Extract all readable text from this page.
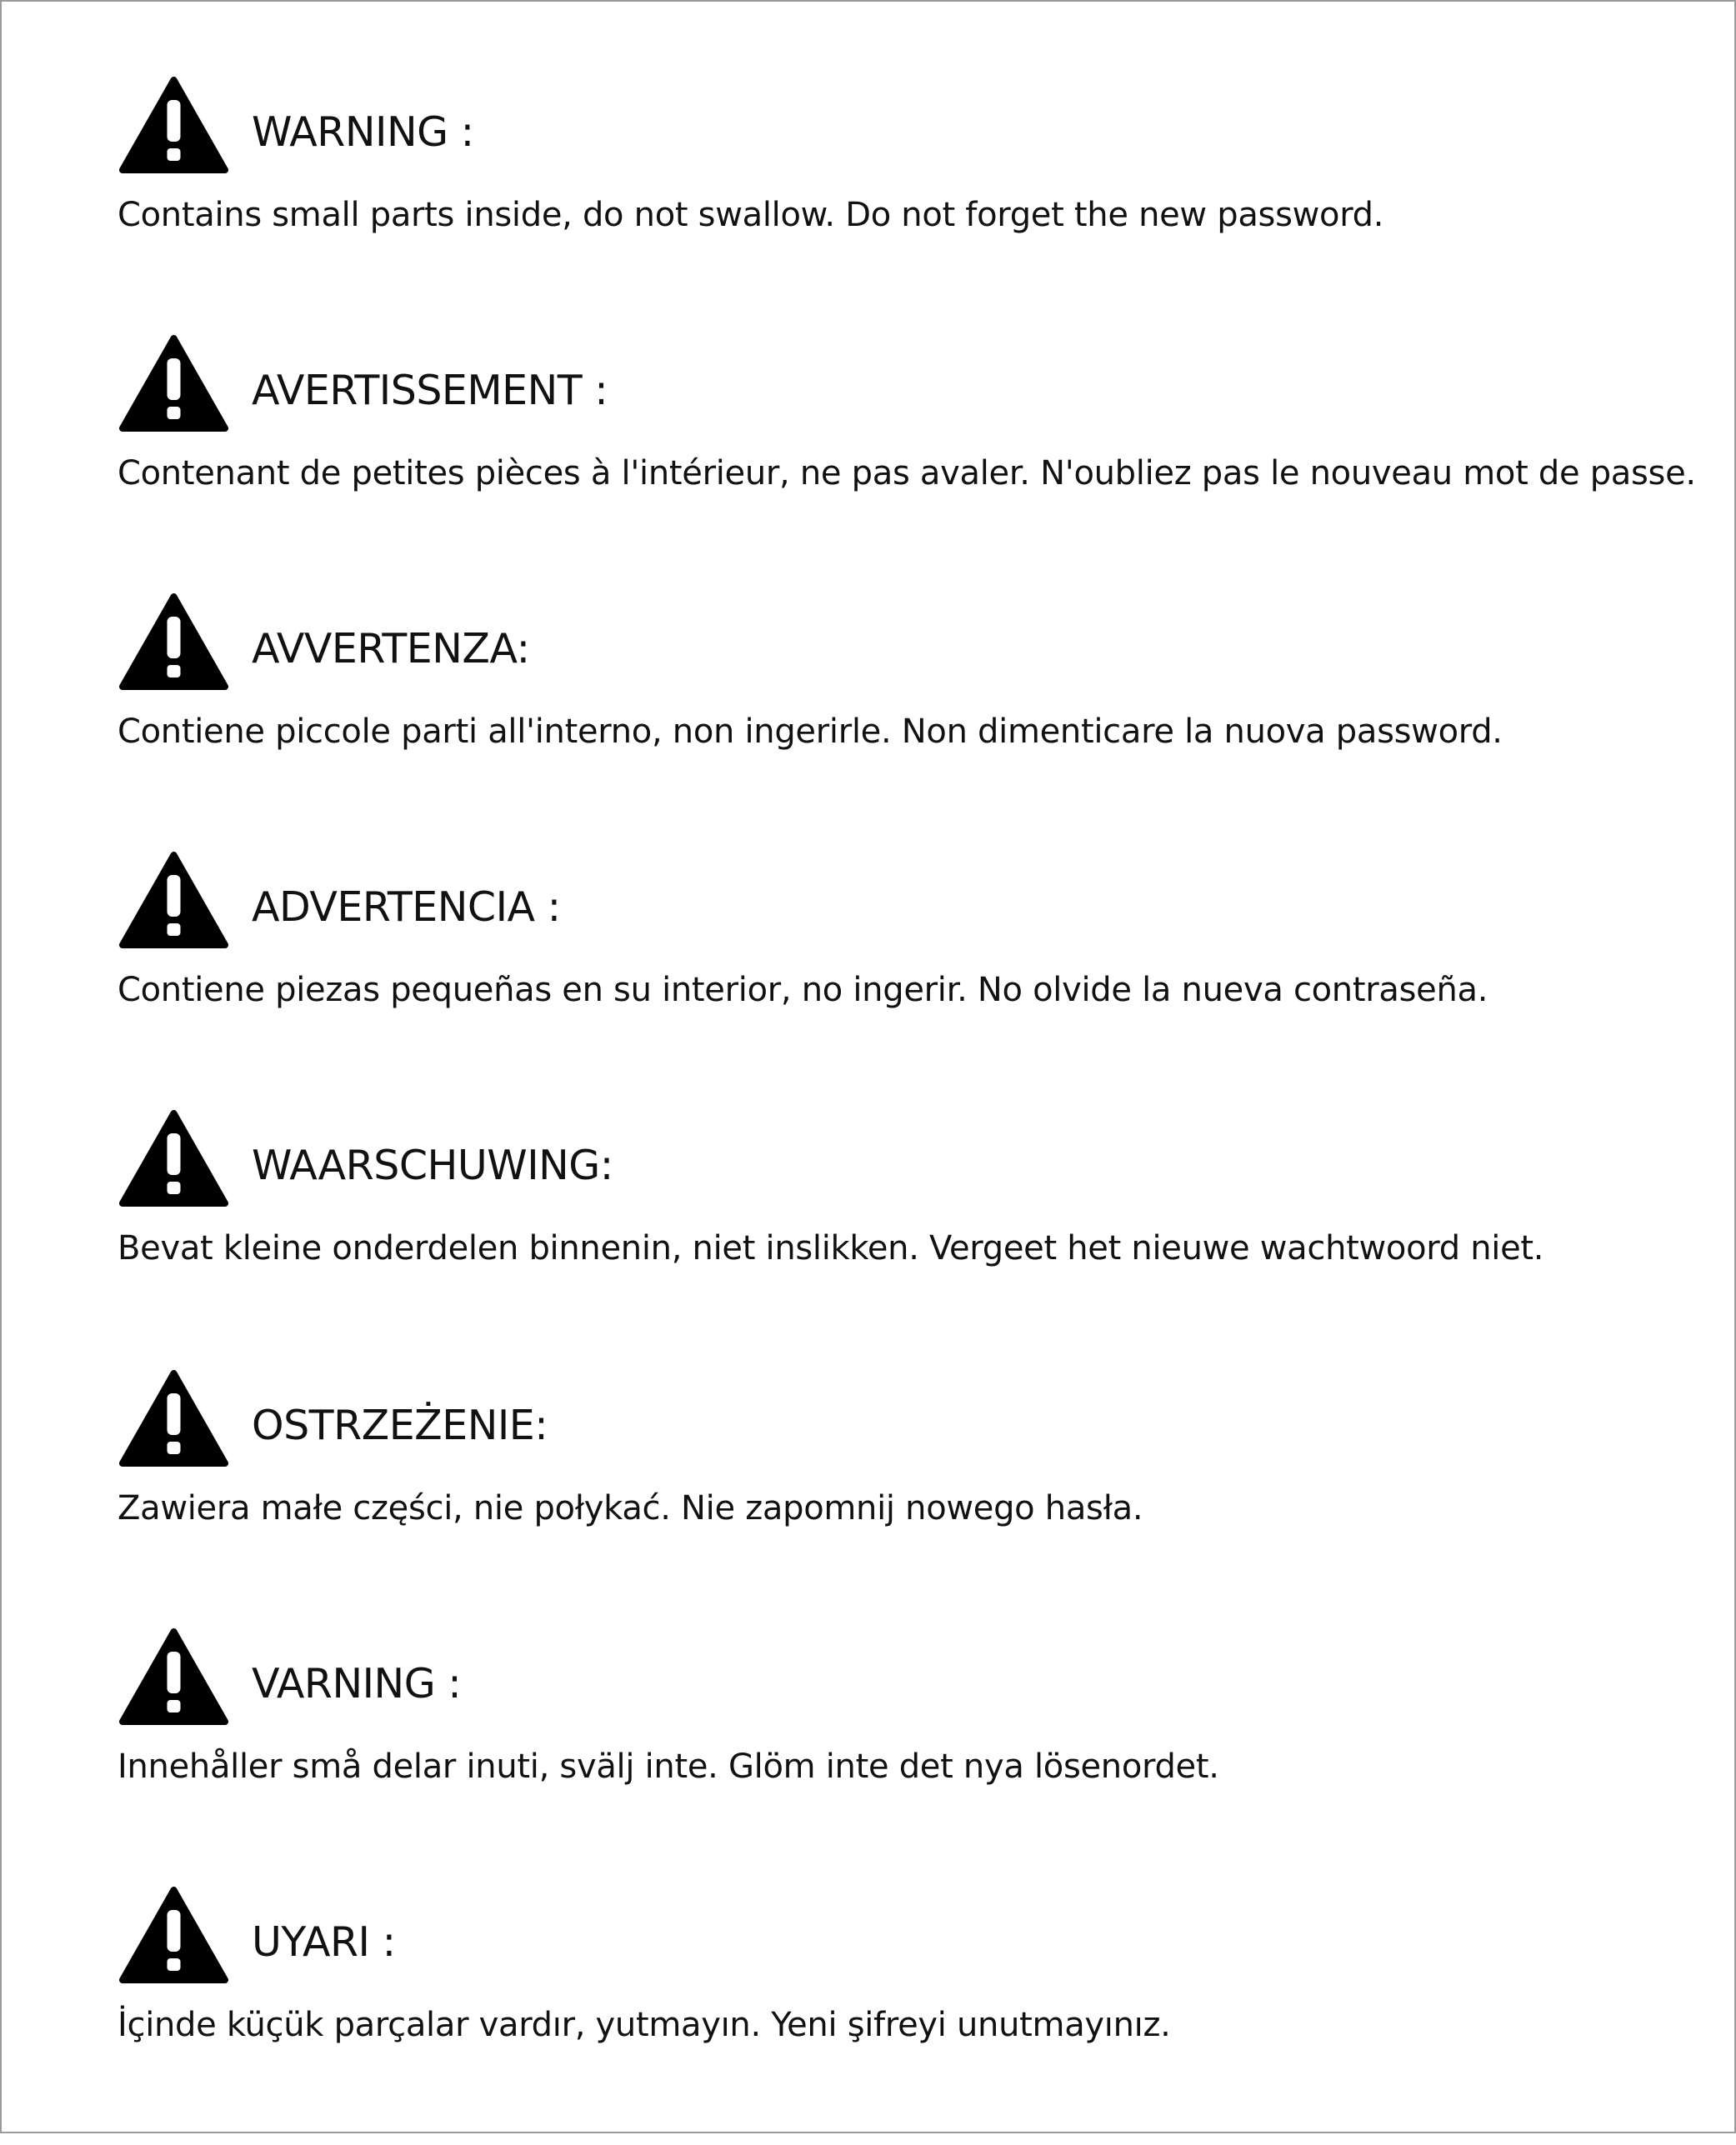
WARNING :

Contains small parts inside, do not swallow. Do not forget the new password.

AVERTISSEMENT :

Contenant de petites pièces à l'intérieur, ne pas avaler. N'oubliez pas le nouveau mot de passe.

AVVERTENZA:

Contiene piccole parti all'interno, non ingerirle. Non dimenticare la nuova password.

ADVERTENCIA :

Contiene piezas pequeñas en su interior, no ingerir. No olvide la nueva contraseña.

WAARSCHUWING:

Bevat kleine onderdelen binnenin, niet inslikken. Vergeet het nieuwe wachtwoord niet.

OSTRZEŻENIE:

Zawiera małe części, nie połykać. Nie zapomnij nowego hasła.

VARNING :

Innehåller små delar inuti, svälj inte. Glöm inte det nya lösenordet.

UYARI :

İçinde küçük parçalar vardır, yutmayın. Yeni şifreyi unutmayınız.
